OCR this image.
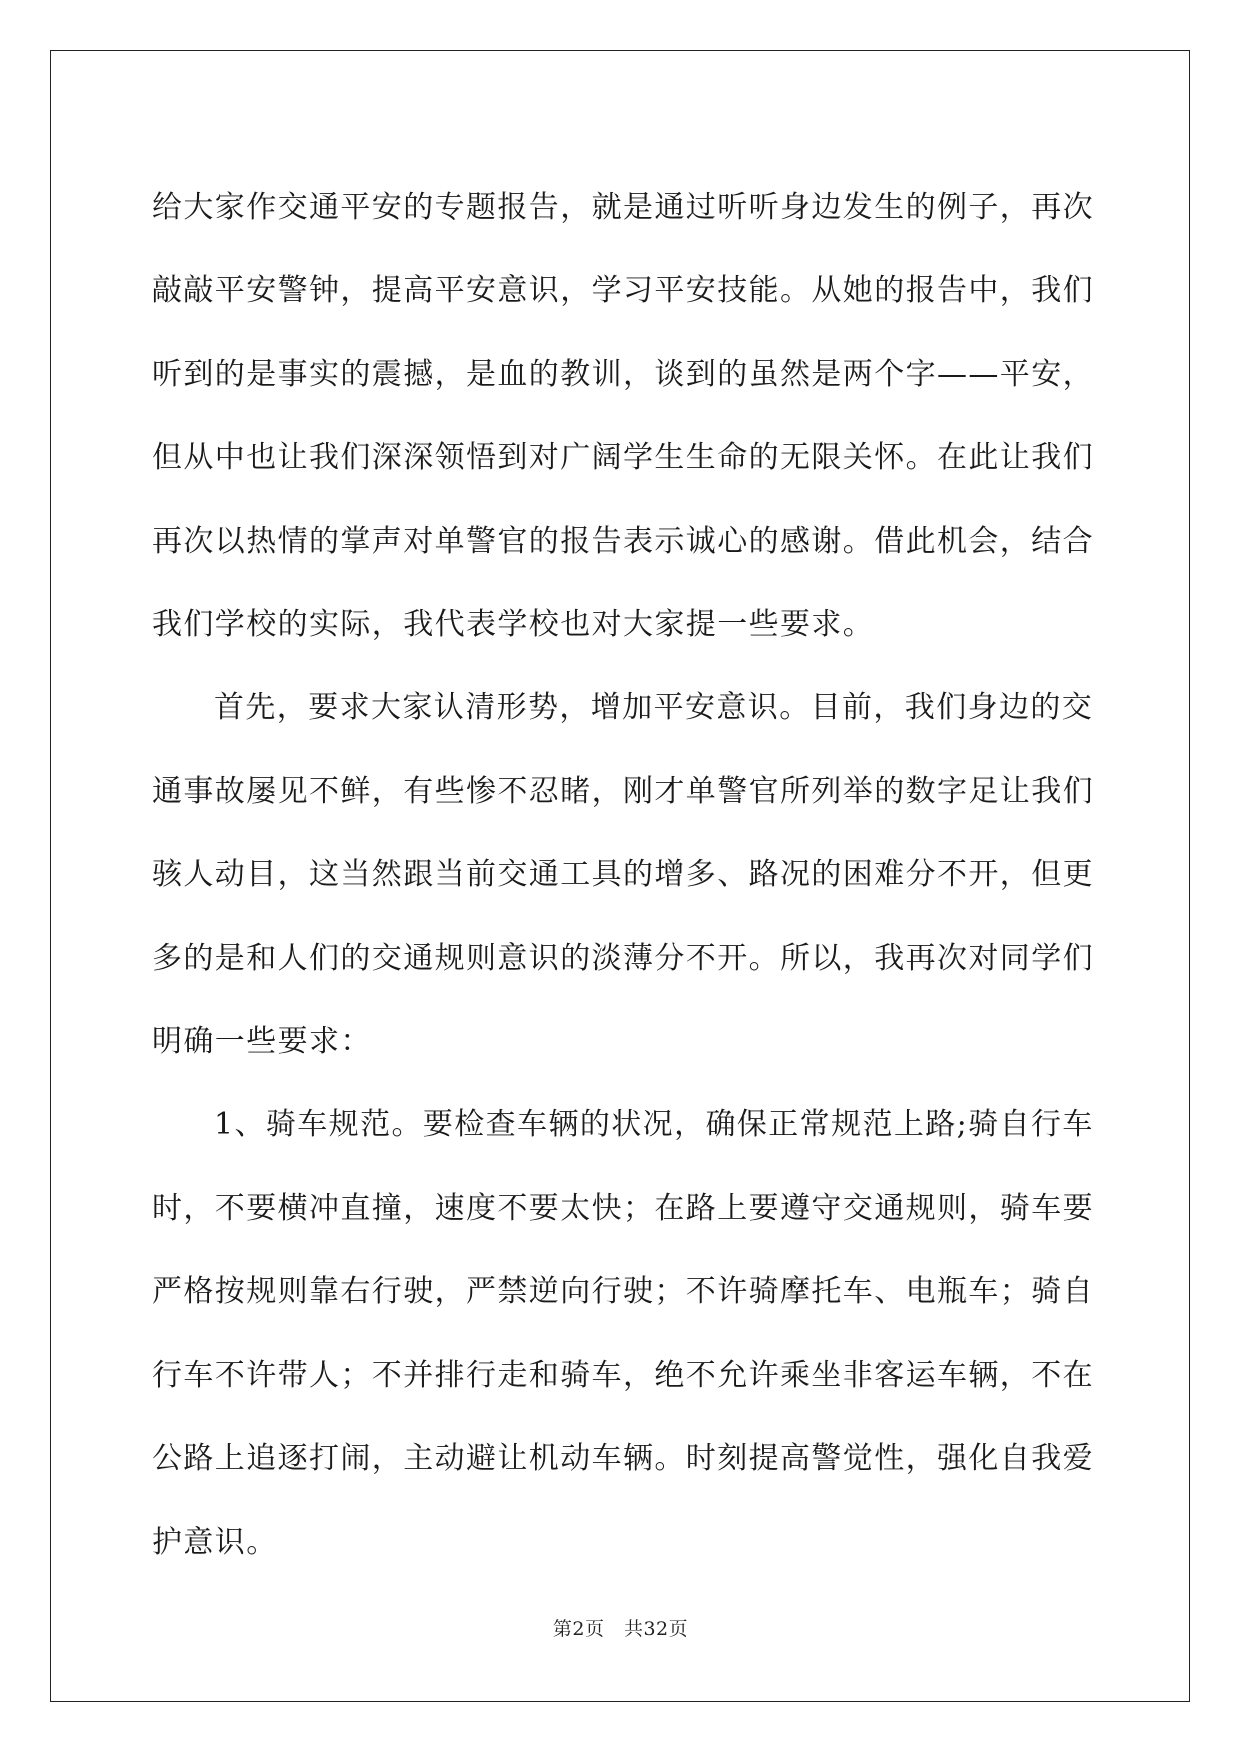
给大家作交通平安的专题报告，就是通过听听身边发生的例子，再次
敲敲平安警钟，提高平安意识，学习平安技能。从她的报告中，我们
听到的是事实的震撼，是血的教训，谈到的虽然是两个字——平安，
但从中也让我们深深领悟到对广阔学生生命的无限关怀。在此让我们
再次以热情的掌声对单警官的报告表示诚心的感谢。借此机会，结合
我们学校的实际，我代表学校也对大家提一些要求。

首先，要求大家认清形势，增加平安意识。目前，我们身边的交
通事故屡见不鲜，有些惨不忍睹，刚才单警官所列举的数字足让我们
骇人动目，这当然跟当前交通工具的增多、路况的困难分不开，但更
多的是和人们的交通规则意识的淡薄分不开。所以，我再次对同学们
明确一些要求：

1、骑车规范。要检查车辆的状况，确保正常规范上路;骑自行车
时，不要横冲直撞，速度不要太快；在路上要遵守交通规则，骑车要
严格按规则靠右行驶，严禁逆向行驶；不许骑摩托车、电瓶车；骑自
行车不许带人；不并排行走和骑车，绝不允许乘坐非客运车辆，不在
公路上追逐打闹，主动避让机动车辆。时刻提高警觉性，强化自我爱
护意识。

第2页　共32页
